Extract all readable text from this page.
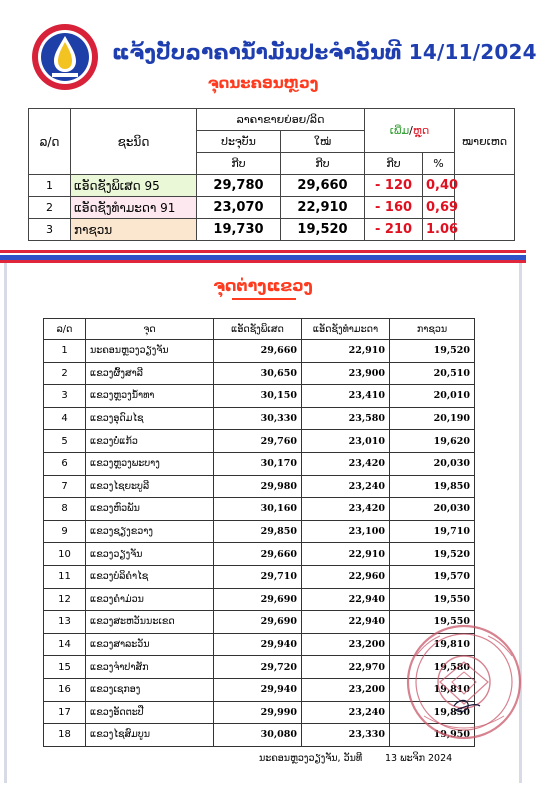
ແຈ້ງປັບລາຄານ້ຳມັນປະຈຳວັນທີ 14/11/2024
ຈຸດນະຄອນຫຼວງ
ລ/ດ	ຊະນິດ	ລາຄາຂາຍຍ່ອຍ/ລິດ		ເພີ່ມ/ຫຼຸດ		ໝາຍເຫດ
		ປະຈຸບັນ	ໃໝ່			
		ກີບ	ກີບ	ກີບ	%	
1	ແອັດຊັງພິເສດ 95	29,780	29,660	- 120	0,40	
2	ແອັດຊັງທຳມະດາ 91	23,070	22,910	- 160	0,69	
3	ກາຊວນ	19,730	19,520	- 210	1.06	
ຈຸດຕ່າງແຂວງ
ລ/ດ	ຈຸດ	ແອັດຊັງພິເສດ	ແອັດຊັງທຳມະດາ	ກາຊວນ
1	ນະຄອນຫຼວງວຽງຈັນ	29,660	22,910	19,520
2	ແຂວງຜົ້ງສາລີ	30,650	23,900	20,510
3	ແຂວງຫຼວງນ້ຳທາ	30,150	23,410	20,010
4	ແຂວງອຸດົມໄຊ	30,330	23,580	20,190
5	ແຂວງບໍ່ແກ້ວ	29,760	23,010	19,620
6	ແຂວງຫຼວງພະບາງ	30,170	23,420	20,030
7	ແຂວງໄຊຍະບູລີ	29,980	23,240	19,850
8	ແຂວງຫົວພັນ	30,160	23,420	20,030
9	ແຂວງຊຽງຂວາງ	29,850	23,100	19,710
10	ແຂວງວຽງຈັນ	29,660	22,910	19,520
11	ແຂວງບໍລິຄຳໄຊ	29,710	22,960	19,570
12	ແຂວງຄຳມ່ວນ	29,690	22,940	19,550
13	ແຂວງສະຫວັນນະເຂດ	29,690	22,940	19,550
14	ແຂວງສາລະວັນ	29,940	23,200	19,810
15	ແຂວງຈຳປາສັກ	29,720	22,970	19,580
16	ແຂວງເຊກອງ	29,940	23,200	19,810
17	ແຂວງອັດຕະປື	29,990	23,240	19,850
18	ແຂວງໄຊສົມບູນ	30,080	23,330	19,950
ນະຄອນຫຼວງວຽງຈັນ, ວັນທີ 13 ພະຈິກ 2024
